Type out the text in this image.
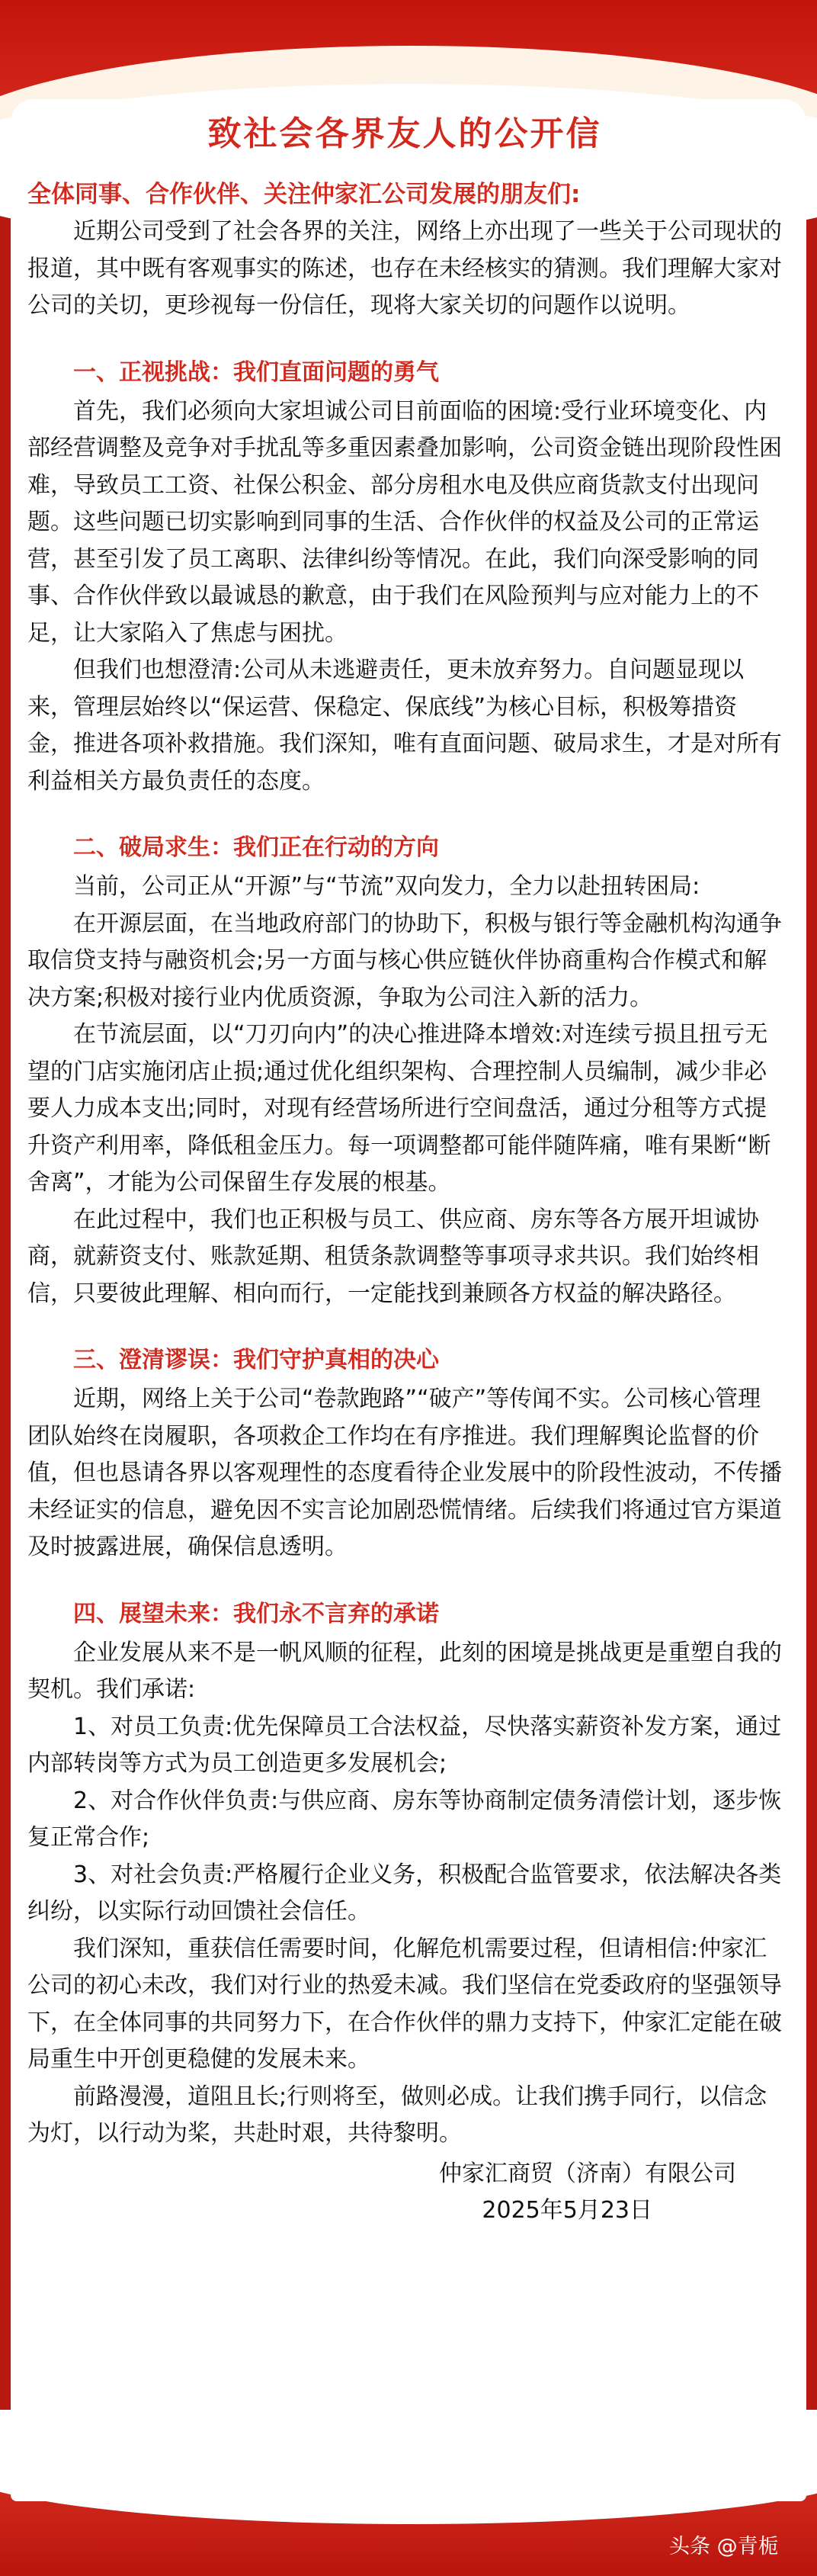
致社会各界友人的公开信
全体同事、合作伙伴、关注仲家汇公司发展的朋友们:

近期公司受到了社会各界的关注，网络上亦出现了一些关于公司现状的报道，其中既有客观事实的陈述，也存在未经核实的猜测。我们理解大家对公司的关切，更珍视每一份信任，现将大家关切的问题作以说明。

一、正视挑战：我们直面问题的勇气

首先，我们必须向大家坦诚公司目前面临的困境:受行业环境变化、内部经营调整及竞争对手扰乱等多重因素叠加影响，公司资金链出现阶段性困难，导致员工工资、社保公积金、部分房租水电及供应商货款支付出现问题。这些问题已切实影响到同事的生活、合作伙伴的权益及公司的正常运营，甚至引发了员工离职、法律纠纷等情况。在此，我们向深受影响的同事、合作伙伴致以最诚恳的歉意，由于我们在风险预判与应对能力上的不足，让大家陷入了焦虑与困扰。

但我们也想澄清:公司从未逃避责任，更未放弃努力。自问题显现以来，管理层始终以“保运营、保稳定、保底线”为核心目标，积极筹措资金，推进各项补救措施。我们深知，唯有直面问题、破局求生，才是对所有利益相关方最负责任的态度。

二、破局求生：我们正在行动的方向

当前，公司正从“开源”与“节流”双向发力，全力以赴扭转困局:

在开源层面，在当地政府部门的协助下，积极与银行等金融机构沟通争取信贷支持与融资机会;另一方面与核心供应链伙伴协商重构合作模式和解决方案;积极对接行业内优质资源，争取为公司注入新的活力。

在节流层面，以“刀刃向内”的决心推进降本增效:对连续亏损且扭亏无望的门店实施闭店止损;通过优化组织架构、合理控制人员编制，减少非必要人力成本支出;同时，对现有经营场所进行空间盘活，通过分租等方式提升资产利用率，降低租金压力。每一项调整都可能伴随阵痛，唯有果断“断舍离”，才能为公司保留生存发展的根基。

在此过程中，我们也正积极与员工、供应商、房东等各方展开坦诚协商，就薪资支付、账款延期、租赁条款调整等事项寻求共识。我们始终相信，只要彼此理解、相向而行，一定能找到兼顾各方权益的解决路径。

三、澄清谬误：我们守护真相的决心

近期，网络上关于公司“卷款跑路”“破产”等传闻不实。公司核心管理团队始终在岗履职，各项救企工作均在有序推进。我们理解舆论监督的价值，但也恳请各界以客观理性的态度看待企业发展中的阶段性波动，不传播未经证实的信息，避免因不实言论加剧恐慌情绪。后续我们将通过官方渠道及时披露进展，确保信息透明。

四、展望未来：我们永不言弃的承诺

企业发展从来不是一帆风顺的征程，此刻的困境是挑战更是重塑自我的契机。我们承诺:

1、对员工负责:优先保障员工合法权益，尽快落实薪资补发方案，通过内部转岗等方式为员工创造更多发展机会;

2、对合作伙伴负责:与供应商、房东等协商制定债务清偿计划，逐步恢复正常合作;

3、对社会负责:严格履行企业义务，积极配合监管要求，依法解决各类纠纷，以实际行动回馈社会信任。

我们深知，重获信任需要时间，化解危机需要过程，但请相信:仲家汇公司的初心未改，我们对行业的热爱未减。我们坚信在党委政府的坚强领导下，在全体同事的共同努力下，在合作伙伴的鼎力支持下，仲家汇定能在破局重生中开创更稳健的发展未来。

前路漫漫，道阻且长;行则将至，做则必成。让我们携手同行，以信念为灯，以行动为桨，共赴时艰，共待黎明。

仲家汇商贸（济南）有限公司
2025年5月23日
头条 @青栀
